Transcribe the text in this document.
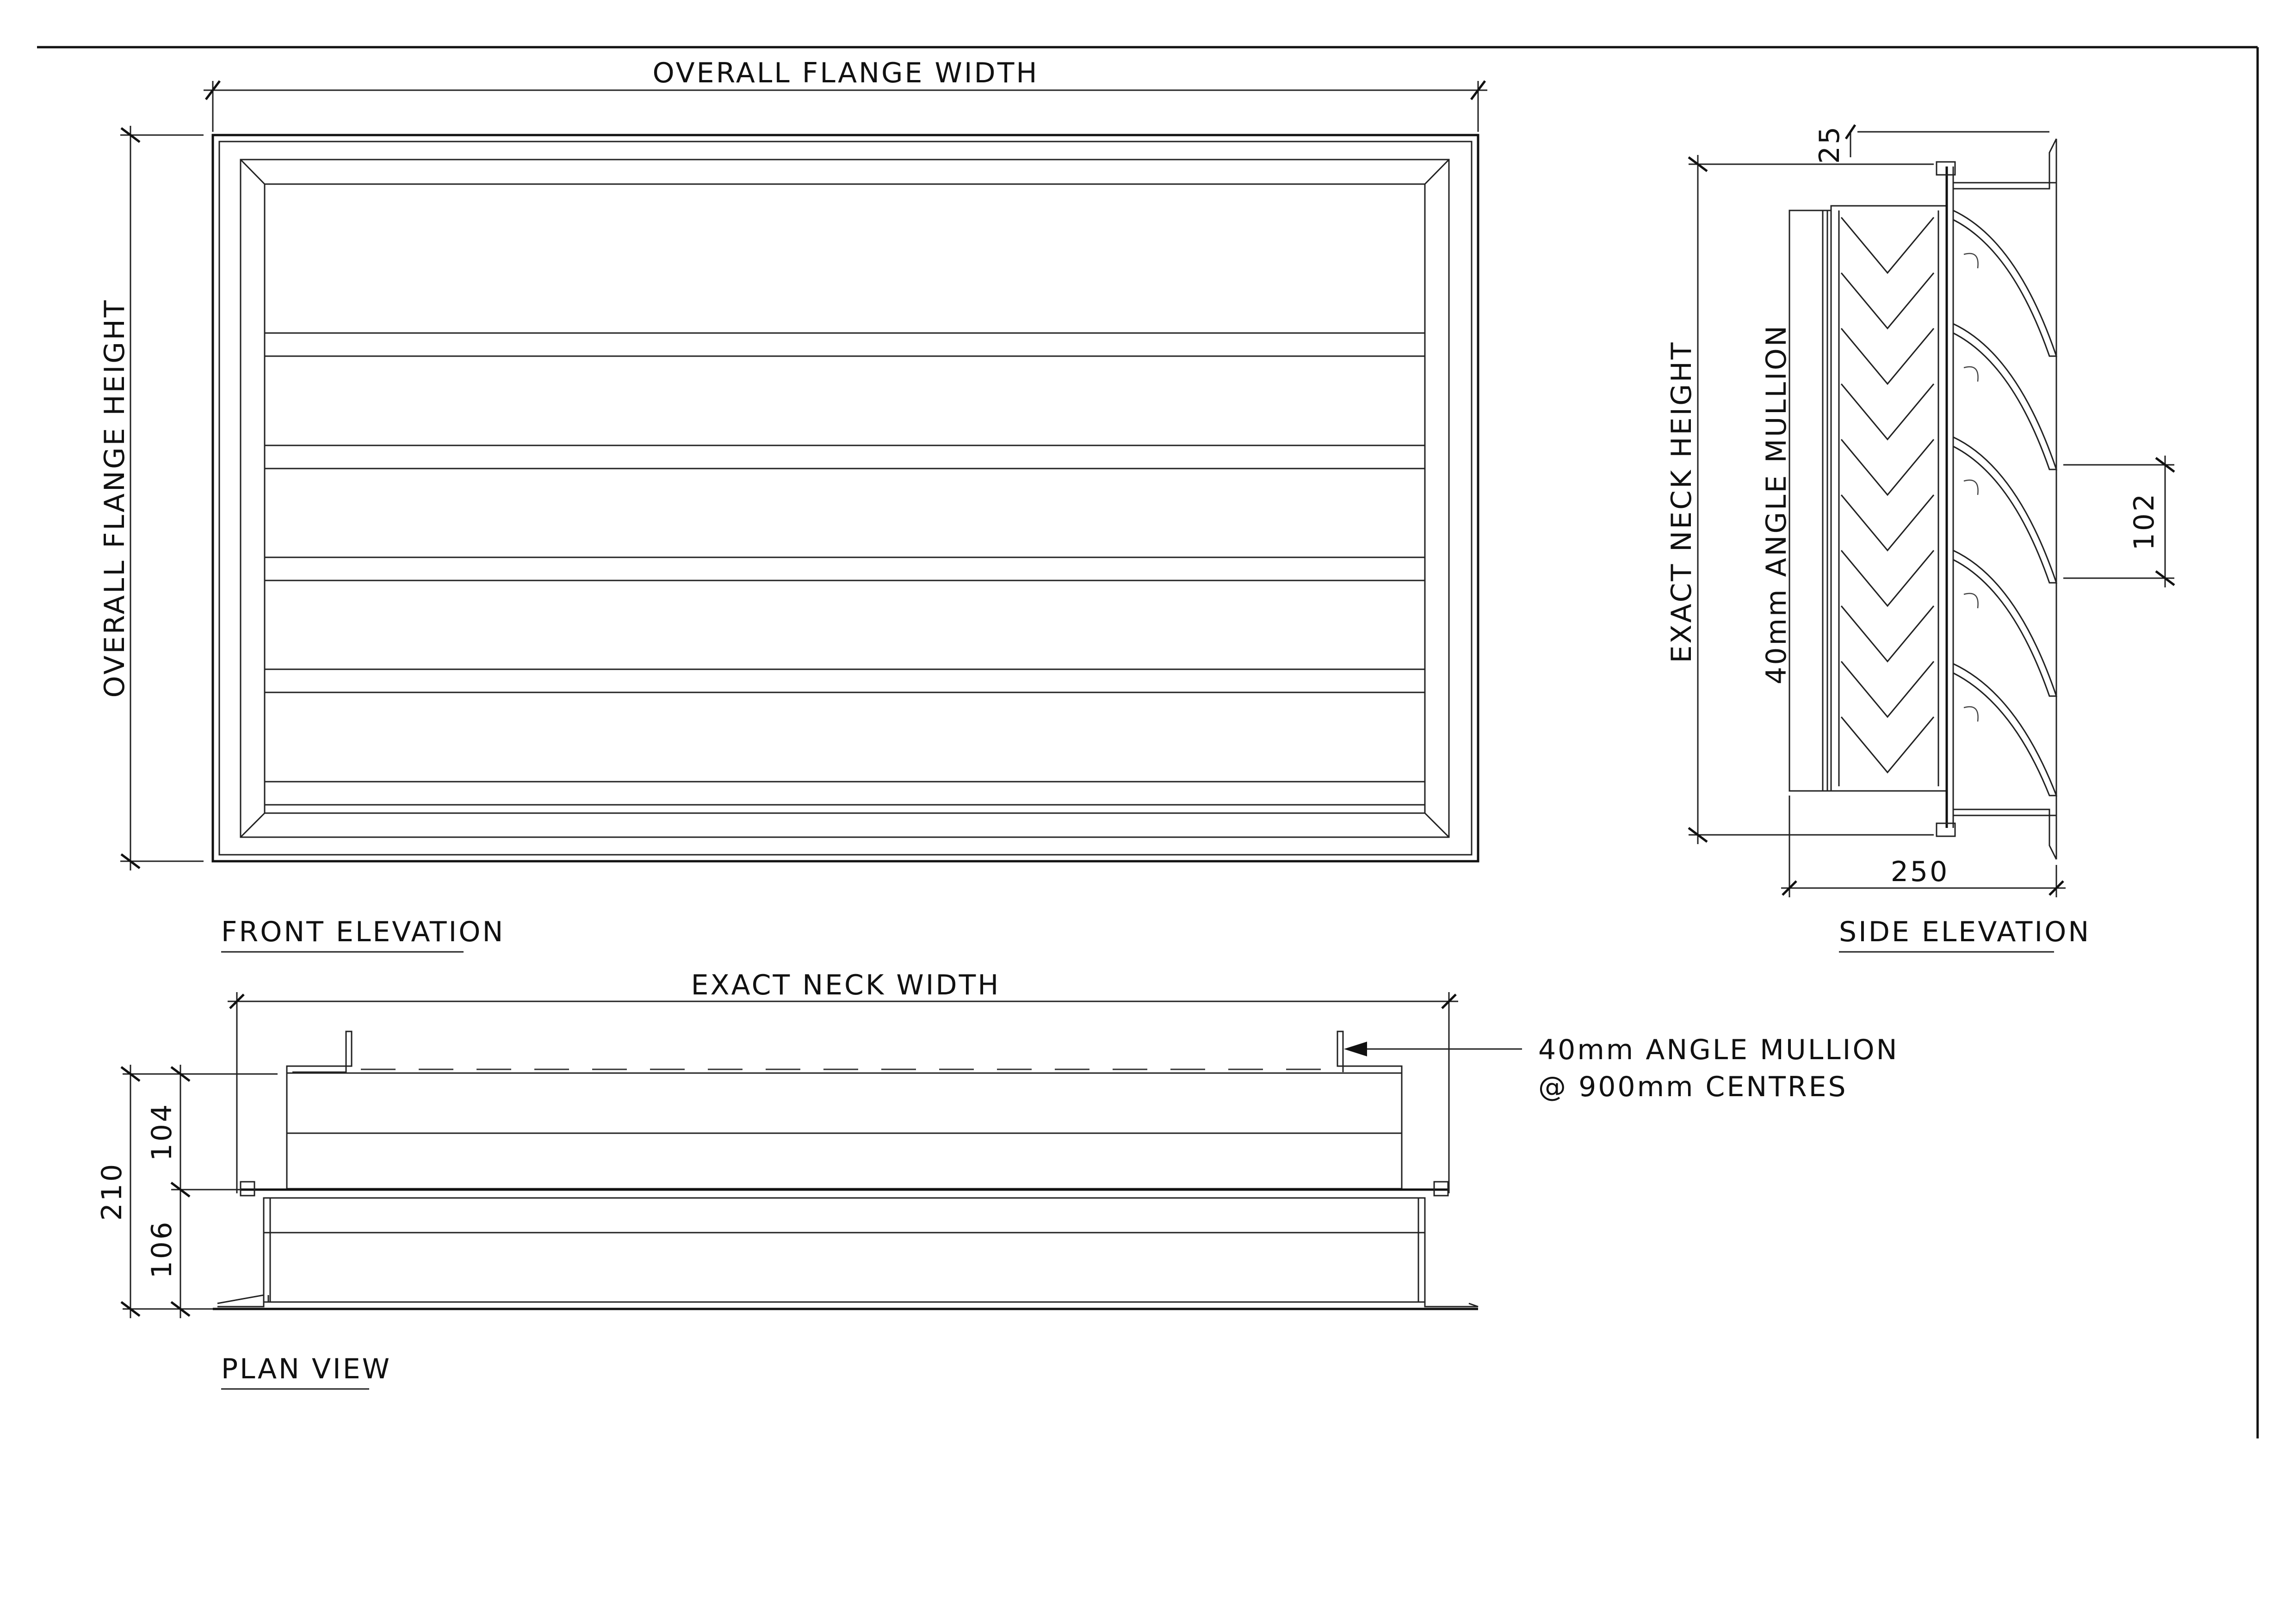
OVERALL FLANGE WIDTH
OVERALL FLANGE HEIGHT
FRONT ELEVATION
EXACT NECK HEIGHT 40mm ANGLE MULLION
25
102
250
SIDE ELEVATION
EXACT NECK WIDTH
210
104
106
40mm ANGLE MULLION
@ 900mm CENTRES
PLAN VIEW
